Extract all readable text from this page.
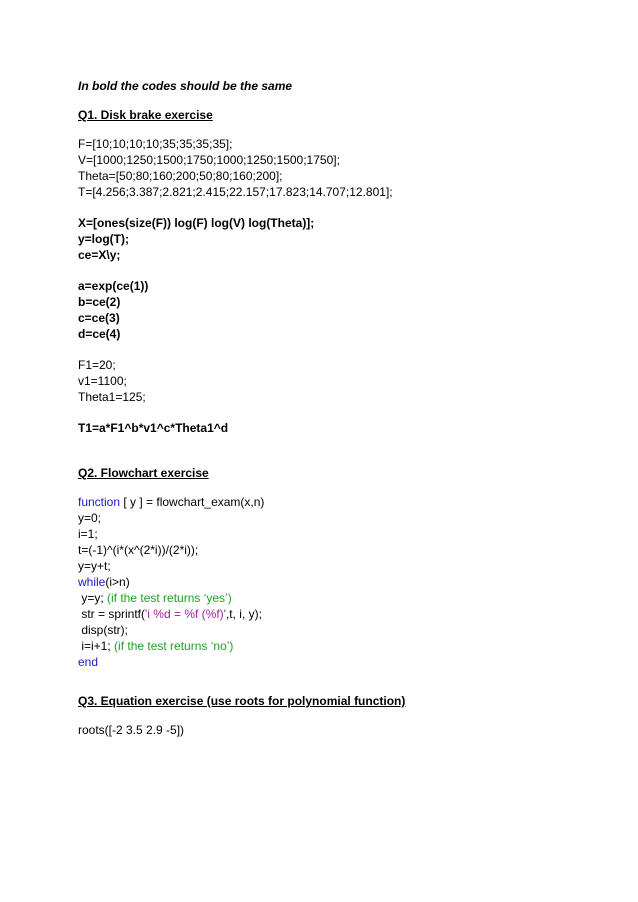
In bold the codes should be the same
Q1. Disk brake exercise
F=[10;10;10;10;35;35;35;35];
V=[1000;1250;1500;1750;1000;1250;1500;1750];
Theta=[50;80;160;200;50;80;160;200];
T=[4.256;3.387;2.821;2.415;22.157;17.823;14.707;12.801];
X=[ones(size(F)) log(F) log(V) log(Theta)];
y=log(T);
ce=X\y;
a=exp(ce(1))
b=ce(2)
c=ce(3)
d=ce(4)
F1=20;
v1=1100;
Theta1=125;
T1=a*F1^b*v1^c*Theta1^d
Q2. Flowchart exercise
function [ y ] = flowchart_exam(x,n)
y=0;
i=1;
t=(-1)^(i*(x^(2*i))/(2*i));
y=y+t;
while(i>n)
y=y; (if the test returns ‘yes’)
str = sprintf('i %d = %f (%f)',t, i, y);
disp(str);
i=i+1; (if the test returns ‘no’)
end
Q3. Equation exercise (use roots for polynomial function)
roots([-2 3.5 2.9 -5])
